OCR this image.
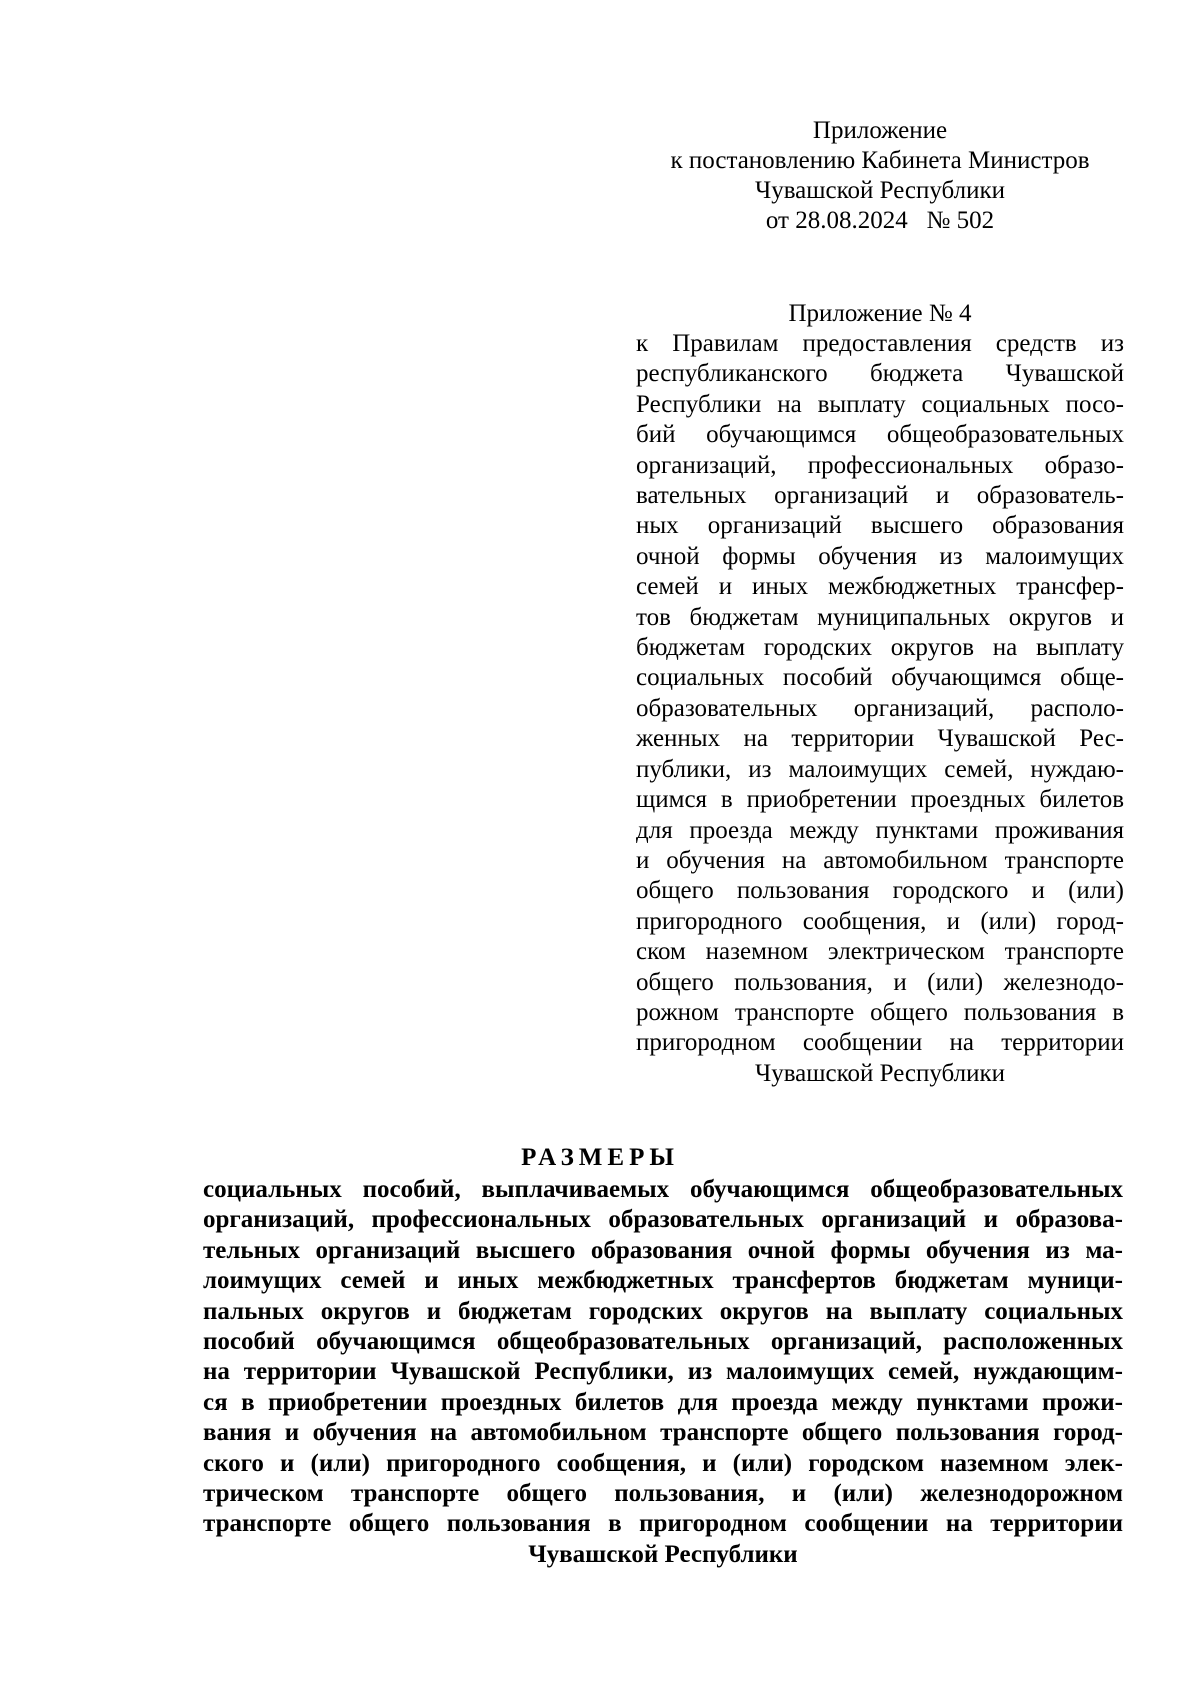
Приложение
к постановлению Кабинета Министров
Чувашской Республики
от 28.08.2024   № 502
Приложение № 4
к Правилам предоставления средств из
республиканского бюджета Чувашской
Республики на выплату социальных посо-
бий обучающимся общеобразовательных
организаций, профессиональных образо-
вательных организаций и образователь-
ных организаций высшего образования
очной формы обучения из малоимущих
семей и иных межбюджетных трансфер-
тов бюджетам муниципальных округов и
бюджетам городских округов на выплату
социальных пособий обучающимся обще-
образовательных организаций, располо-
женных на территории Чувашской Рес-
публики, из малоимущих семей, нуждаю-
щимся в приобретении проездных билетов
для проезда между пунктами проживания
и обучения на автомобильном транспорте
общего пользования городского и (или)
пригородного сообщения, и (или) город-
ском наземном электрическом транспорте
общего пользования, и (или) железнодо-
рожном транспорте общего пользования в
пригородном сообщении на территории
Чувашской Республики
РАЗМЕРЫ
социальных пособий, выплачиваемых обучающимся общеобразовательных
организаций, профессиональных образовательных организаций и образова-
тельных организаций высшего образования очной формы обучения из ма-
лоимущих семей и иных межбюджетных трансфертов бюджетам муници-
пальных округов и бюджетам городских округов на выплату социальных
пособий обучающимся общеобразовательных организаций, расположенных
на территории Чувашской Республики, из малоимущих семей, нуждающим-
ся в приобретении проездных билетов для проезда между пунктами прожи-
вания и обучения на автомобильном транспорте общего пользования город-
ского и (или) пригородного сообщения, и (или) городском наземном элек-
трическом транспорте общего пользования, и (или) железнодорожном
транспорте общего пользования в пригородном сообщении на территории
Чувашской Республики
